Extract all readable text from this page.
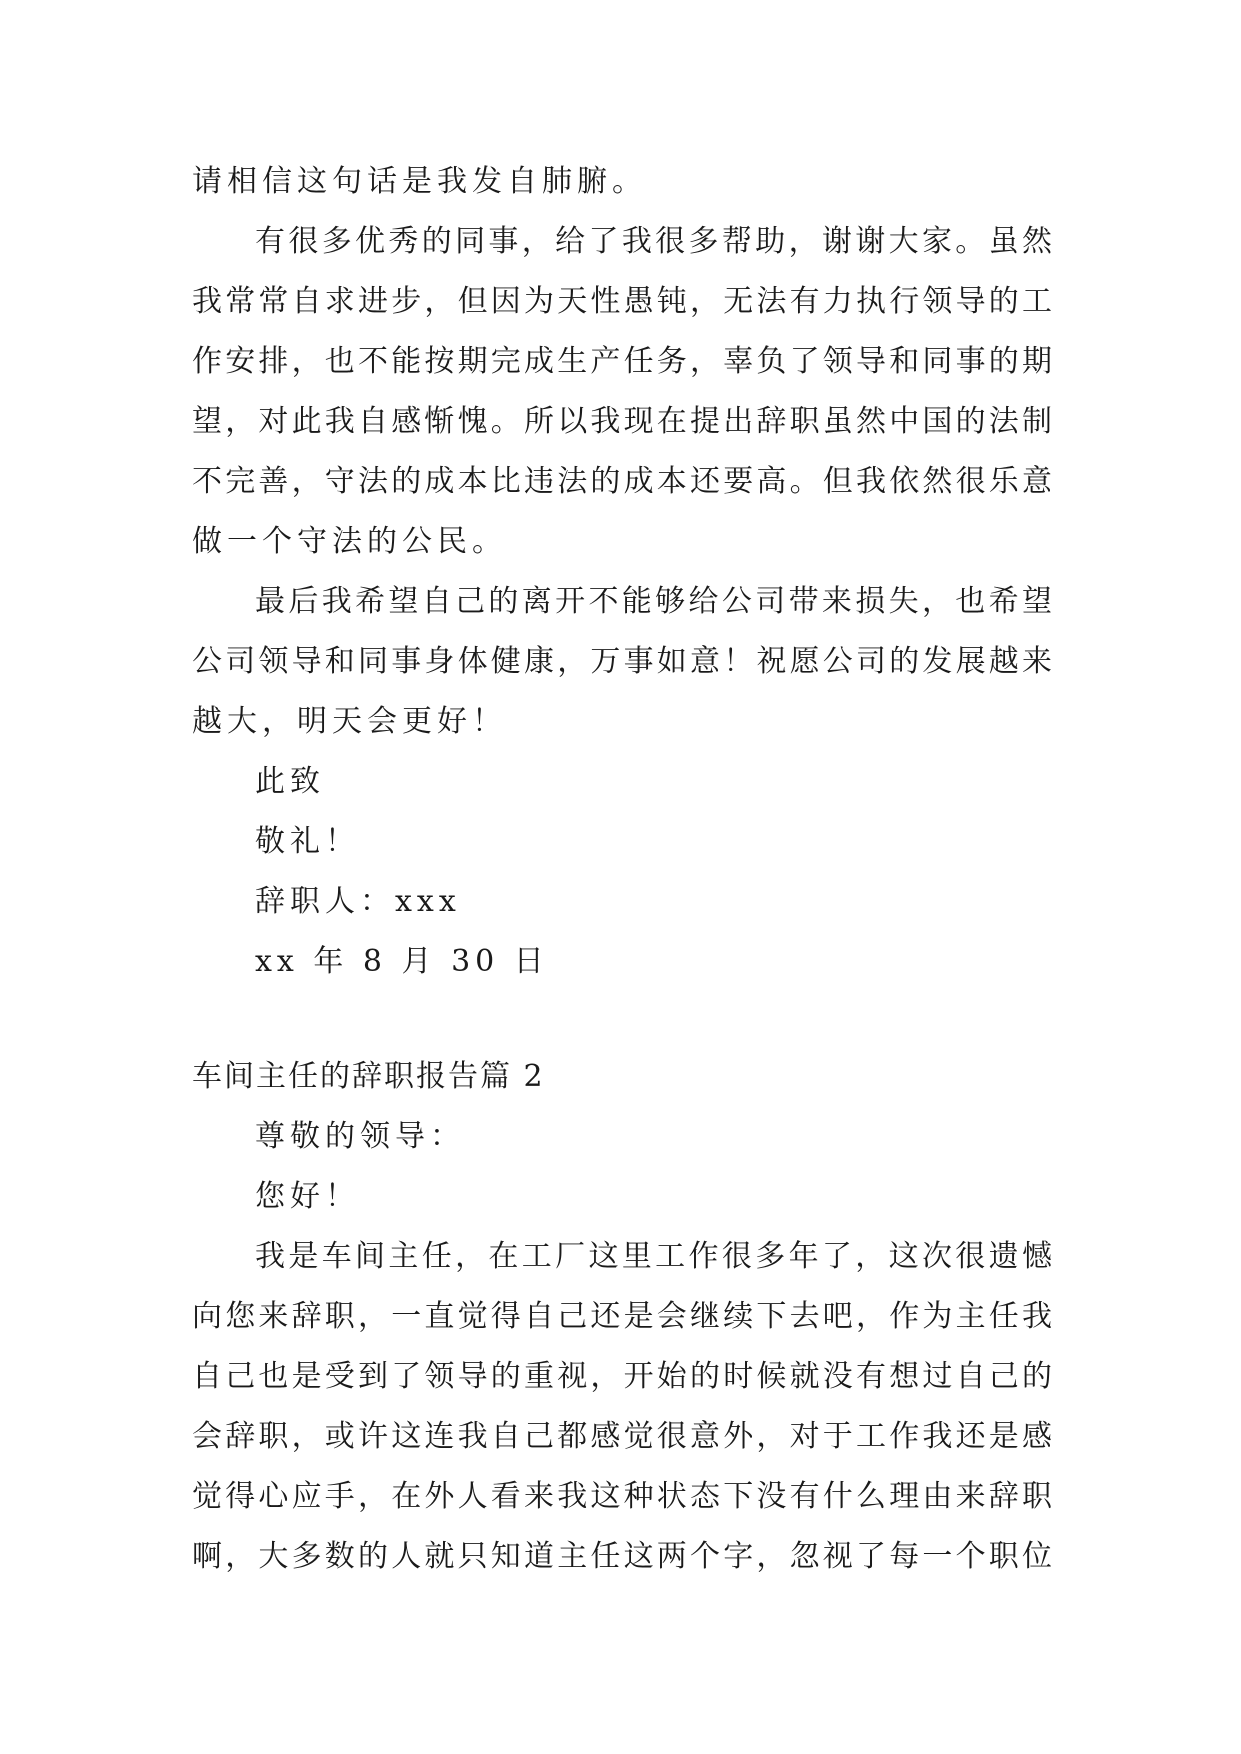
请相信这句话是我发自肺腑。
有很多优秀的同事，给了我很多帮助，谢谢大家。虽然
我常常自求进步，但因为天性愚钝，无法有力执行领导的工
作安排，也不能按期完成生产任务，辜负了领导和同事的期
望，对此我自感惭愧。所以我现在提出辞职虽然中国的法制
不完善，守法的成本比违法的成本还要高。但我依然很乐意
做一个守法的公民。
最后我希望自己的离开不能够给公司带来损失，也希望
公司领导和同事身体健康，万事如意！祝愿公司的发展越来
越大，明天会更好！
此致
敬礼！
辞职人：xxx
xx 年 8 月 30 日
车间主任的辞职报告篇 2
尊敬的领导：
您好！
我是车间主任，在工厂这里工作很多年了，这次很遗憾
向您来辞职，一直觉得自己还是会继续下去吧，作为主任我
自己也是受到了领导的重视，开始的时候就没有想过自己的
会辞职，或许这连我自己都感觉很意外，对于工作我还是感
觉得心应手，在外人看来我这种状态下没有什么理由来辞职
啊，大多数的人就只知道主任这两个字，忽视了每一个职位
